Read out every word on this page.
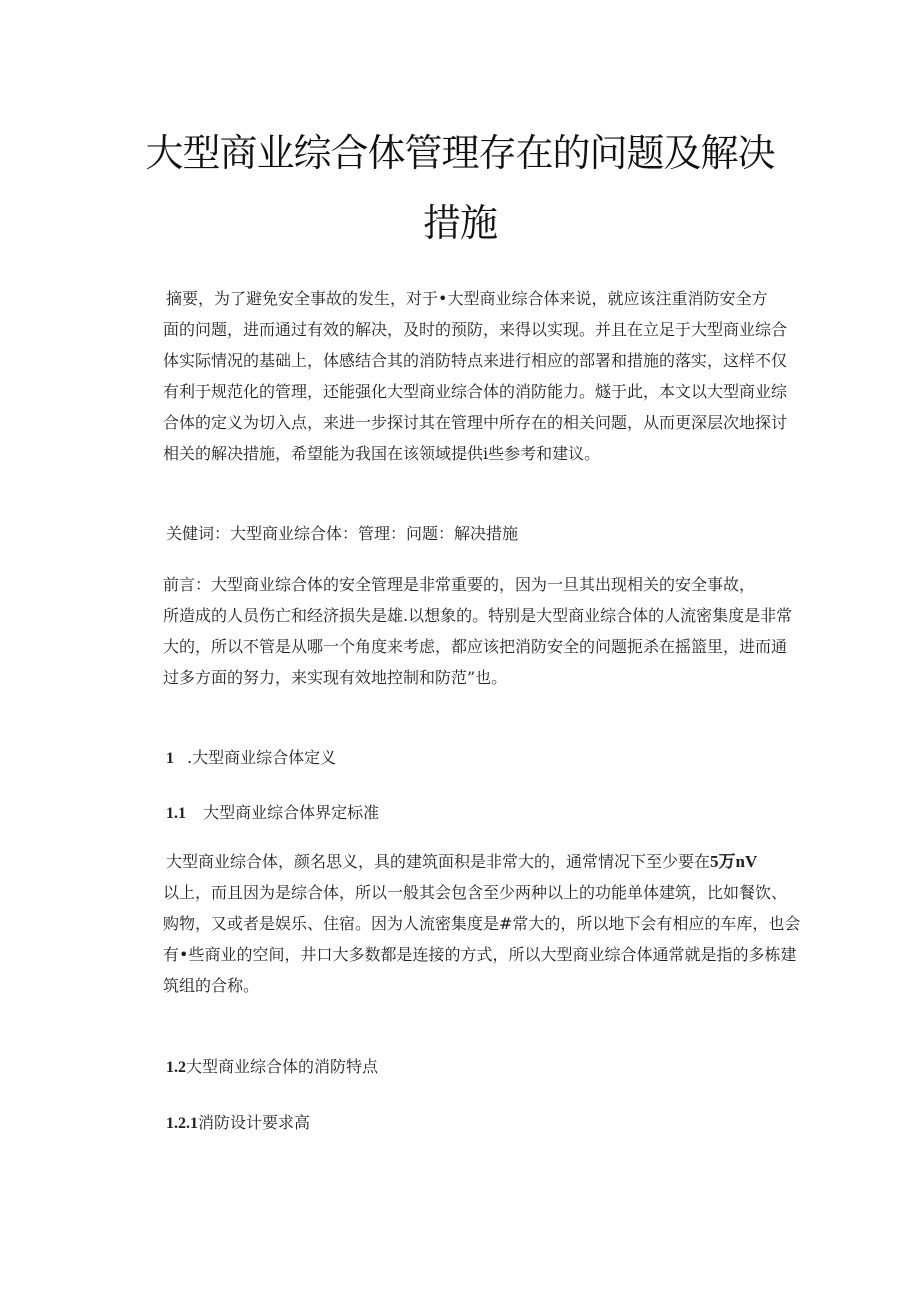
大型商业综合体管理存在的问题及解决
措施
摘要，为了避免安全事故的发生，对于•大型商业综合体来说，就应该注重消防安全方
面的问题，进而通过有效的解决，及时的预防，来得以实现。并且在立足于大型商业综合
体实际情况的基础上，体感结合其的消防特点来进行相应的部署和措施的落实，这样不仅
有利于规范化的管理，还能强化大型商业综合体的消防能力。燧于此，本文以大型商业综
合体的定义为切入点，来进一步探讨其在管理中所存在的相关问题，从而更深层次地探讨
相关的解决措施，希望能为我国在该领域提供i些参考和建议。

关健词：大型商业综合体：管理：问题：解决措施

前言：大型商业综合体的安全管理是非常重要的，因为一旦其出现相关的安全事故，
所造成的人员伤亡和经济损失是雄.以想象的。特别是大型商业综合体的人流密集度是非常
大的，所以不管是从哪一个角度来考虑，都应该把消防安全的问题扼杀在摇篮里，进而通
过多方面的努力，来实现有效地控制和防范”也。

1 .大型商业综合体定义

1.1 大型商业综合体界定标准

大型商业综合体，颜名思义，具的建筑面积是非常大的，通常情况下至少要在5万nV
以上，而且因为是综合体，所以一般其会包含至少两种以上的功能单体建筑，比如餐饮、
购物，又或者是娱乐、住宿。因为人流密集度是#常大的，所以地下会有相应的车库，也会
有•些商业的空间，井口大多数都是连接的方式，所以大型商业综合体通常就是指的多栋建
筑组的合称。

1.2大型商业综合体的消防特点

1.2.1消防设计要求高
